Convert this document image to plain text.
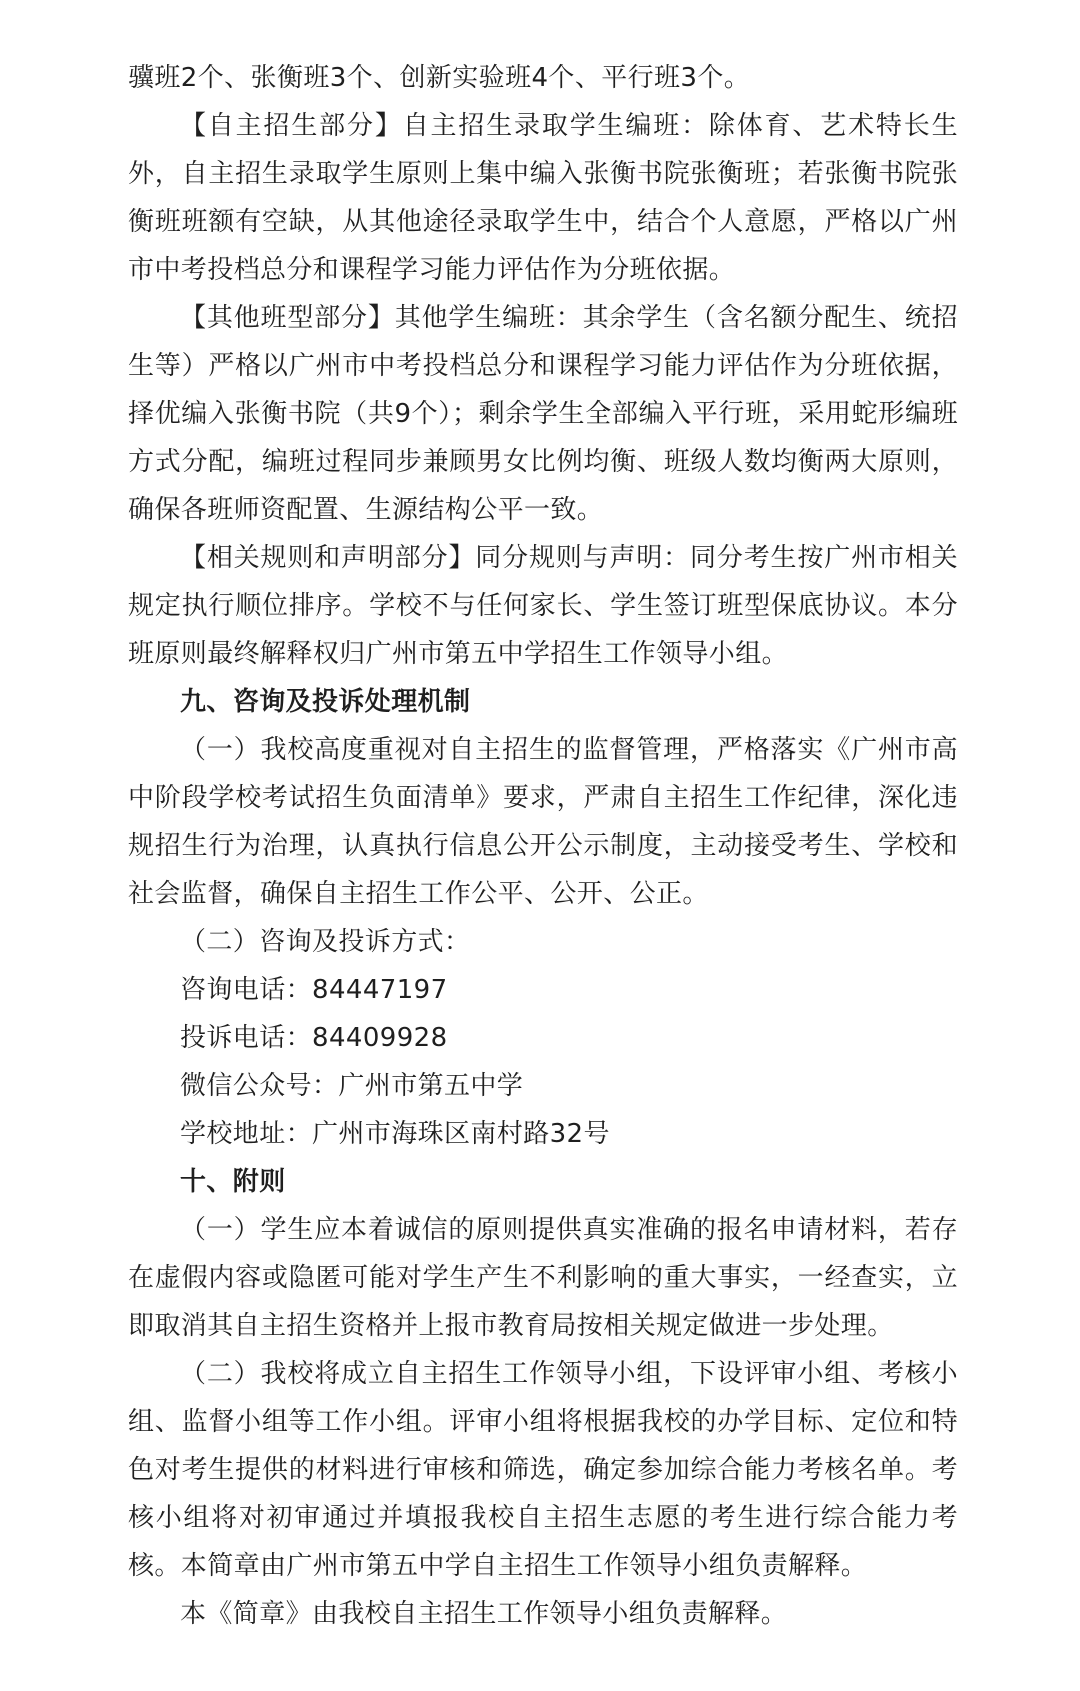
骥班2个、张衡班3个、创新实验班4个、平行班3个。

【自主招生部分】自主招生录取学生编班：除体育、艺术特长生外，自主招生录取学生原则上集中编入张衡书院张衡班；若张衡书院张衡班班额有空缺，从其他途径录取学生中，结合个人意愿，严格以广州市中考投档总分和课程学习能力评估作为分班依据。

【其他班型部分】其他学生编班：其余学生（含名额分配生、统招生等）严格以广州市中考投档总分和课程学习能力评估作为分班依据，择优编入张衡书院（共9个）；剩余学生全部编入平行班，采用蛇形编班方式分配，编班过程同步兼顾男女比例均衡、班级人数均衡两大原则，确保各班师资配置、生源结构公平一致。

【相关规则和声明部分】同分规则与声明：同分考生按广州市相关规定执行顺位排序。学校不与任何家长、学生签订班型保底协议。本分班原则最终解释权归广州市第五中学招生工作领导小组。

九、咨询及投诉处理机制

（一）我校高度重视对自主招生的监督管理，严格落实《广州市高中阶段学校考试招生负面清单》要求，严肃自主招生工作纪律，深化违规招生行为治理，认真执行信息公开公示制度，主动接受考生、学校和社会监督，确保自主招生工作公平、公开、公正。

（二）咨询及投诉方式：

咨询电话：84447197

投诉电话：84409928

微信公众号：广州市第五中学

学校地址：广州市海珠区南村路32号

十、附则

（一）学生应本着诚信的原则提供真实准确的报名申请材料，若存在虚假内容或隐匿可能对学生产生不利影响的重大事实，一经查实，立即取消其自主招生资格并上报市教育局按相关规定做进一步处理。

（二）我校将成立自主招生工作领导小组，下设评审小组、考核小组、监督小组等工作小组。评审小组将根据我校的办学目标、定位和特色对考生提供的材料进行审核和筛选，确定参加综合能力考核名单。考核小组将对初审通过并填报我校自主招生志愿的考生进行综合能力考核。本简章由广州市第五中学自主招生工作领导小组负责解释。

本《简章》由我校自主招生工作领导小组负责解释。
